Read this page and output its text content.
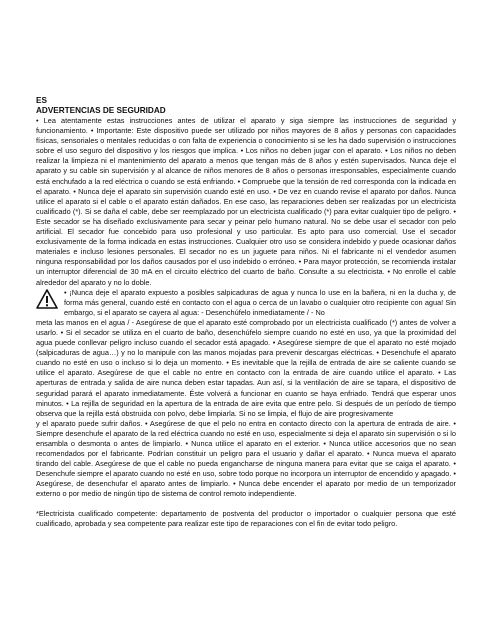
ES
ADVERTENCIAS DE SEGURIDAD

• Lea atentamente estas instrucciones antes de utilizar el aparato y siga siempre las instrucciones de seguridad y funcionamiento. • Importante: Este dispositivo puede ser utilizado por niños mayores de 8 años y personas con capacidades físicas, sensoriales o mentales reducidas o con falta de experiencia o conocimiento si se les ha dado supervisión o instrucciones sobre el uso seguro del dispositivo y los riesgos que implica. • Los niños no deben jugar con el aparato. • Los niños no deben realizar la limpieza ni el mantenimiento del aparato a menos que tengan más de 8 años y estén supervisados. Nunca deje el aparato y su cable sin supervisión y al alcance de niños menores de 8 años o personas irresponsables, especialmente cuando está enchufado a la red eléctrica o cuando se está enfriando. • Compruebe que la tensión de red corresponda con la indicada en el aparato. • Nunca deje el aparato sin supervisión cuando esté en uso. • De vez en cuando revise el aparato por daños. Nunca utilice el aparato si el cable o el aparato están dañados. En ese caso, las reparaciones deben ser realizadas por un electricista cualificado (*). Si se daña el cable, debe ser reemplazado por un electricista cualificado (*) para evitar cualquier tipo de peligro. • Este secador se ha diseñado exclusivamente para secar y peinar pelo humano natural. No se debe usar el secador con pelo artificial. El secador fue concebido para uso profesional y uso particular. Es apto para uso comercial. Use el secador exclusivamente de la forma indicada en estas instrucciones. Cualquier otro uso se considera indebido y puede ocasionar daños materiales e incluso lesiones personales. El secador no es un juguete para niños. Ni el fabricante ni el vendedor asumen ninguna responsabilidad por los daños causados por el uso indebido o erróneo. • Para mayor protección, se recomienda instalar un interruptor diferencial de 30 mA en el circuito eléctrico del cuarto de baño. Consulte a su electricista. • No enrolle el cable alrededor del aparato y no lo doble.

• ¡Nunca deje el aparato expuesto a posibles salpicaduras de agua y nunca lo use en la bañera, ni en la ducha y, de forma más general, cuando esté en contacto con el agua o cerca de un lavabo o cualquier otro recipiente con agua! Sin embargo, si el aparato se cayera al agua: - Desenchúfelo inmediatamente / - No

meta las manos en el agua / - Asegúrese de que el aparato esté comprobado por un electricista cualificado (*) antes de volver a usarlo. • Si el secador se utiliza en el cuarto de baño, desenchúfelo siempre cuando no esté en uso, ya que la proximidad del agua puede conllevar peligro incluso cuando el secador está apagado. • Asegúrese siempre de que el aparato no esté mojado (salpicaduras de agua…) y no lo manipule con las manos mojadas para prevenir descargas eléctricas. • Desenchufe el aparato cuando no esté en uso o incluso si lo deja un momento. • Es inevitable que la rejilla de entrada de aire se caliente cuando se utilice el aparato. Asegúrese de que el cable no entre en contacto con la entrada de aire cuando utilice el aparato. • Las aperturas de entrada y salida de aire nunca deben estar tapadas. Aun así, si la ventilación de aire se tapara, el dispositivo de seguridad parará el aparato inmediatamente. Éste volverá a funcionar en cuanto se haya enfriado. Tendrá que esperar unos minutos. • La rejilla de seguridad en la apertura de la entrada de aire evita que entre pelo. Si después de un período de tiempo observa que la rejilla está obstruida con polvo, debe limpiarla. Si no se limpia, el flujo de aire progresivamente

y el aparato puede sufrir daños. • Asegúrese de que el pelo no entra en contacto directo con la apertura de entrada de aire. • Siempre desenchufe el aparato de la red eléctrica cuando no esté en uso, especialmente si deja el aparato sin supervisión o si lo ensambla o desmonta o antes de limpiarlo. • Nunca utilice el aparato en el exterior. • Nunca utilice accesorios que no sean recomendados por el fabricante. Podrían constituir un peligro para el usuario y dañar el aparato. • Nunca mueva el aparato tirando del cable. Asegúrese de que el cable no pueda engancharse de ninguna manera para evitar que se caiga el aparato. • Desenchufe siempre el aparato cuando no esté en uso, sobre todo porque no incorpora un interruptor de encendido y apagado. • Asegúrese, de desenchufar el aparato antes de limpiarlo. • Nunca debe encender el aparato por medio de un temporizador externo o por medio de ningún tipo de sistema de control remoto independiente.

*Electricista cualificado competente: departamento de postventa del productor o importador o cualquier persona que esté cualificado, aprobada y sea competente para realizar este tipo de reparaciones con el fin de evitar todo peligro.
